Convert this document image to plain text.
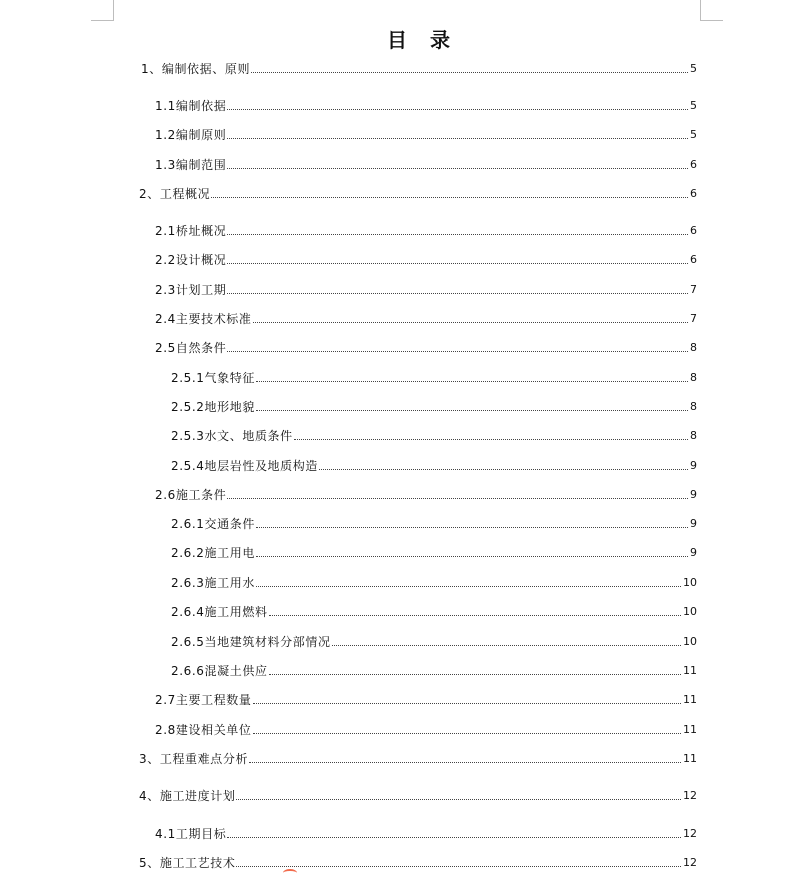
目 录
1、 编制依据、原则	5
1.1 编制依据	5
1.2 编制原则	5
1.3 编制范围	6
2、 工程概况	6
2.1 桥址概况	6
2.2 设计概况	6
2.3 计划工期	7
2.4 主要技术标准	7
2.5 自然条件	8
2.5.1 气象特征	8
2.5.2 地形地貌	8
2.5.3 水文、地质条件	8
2.5.4 地层岩性及地质构造	9
2.6 施工条件	9
2.6.1 交通条件	9
2.6.2 施工用电	9
2.6.3 施工用水	10
2.6.4 施工用燃料	10
2.6.5 当地建筑材料分部情况	10
2.6.6 混凝土供应	11
2.7 主要工程数量	11
2.8 建设相关单位	11
3、 工程重难点分析	11
4、 施工进度计划	12
4.1 工期目标	12
5、 施工工艺技术	12
